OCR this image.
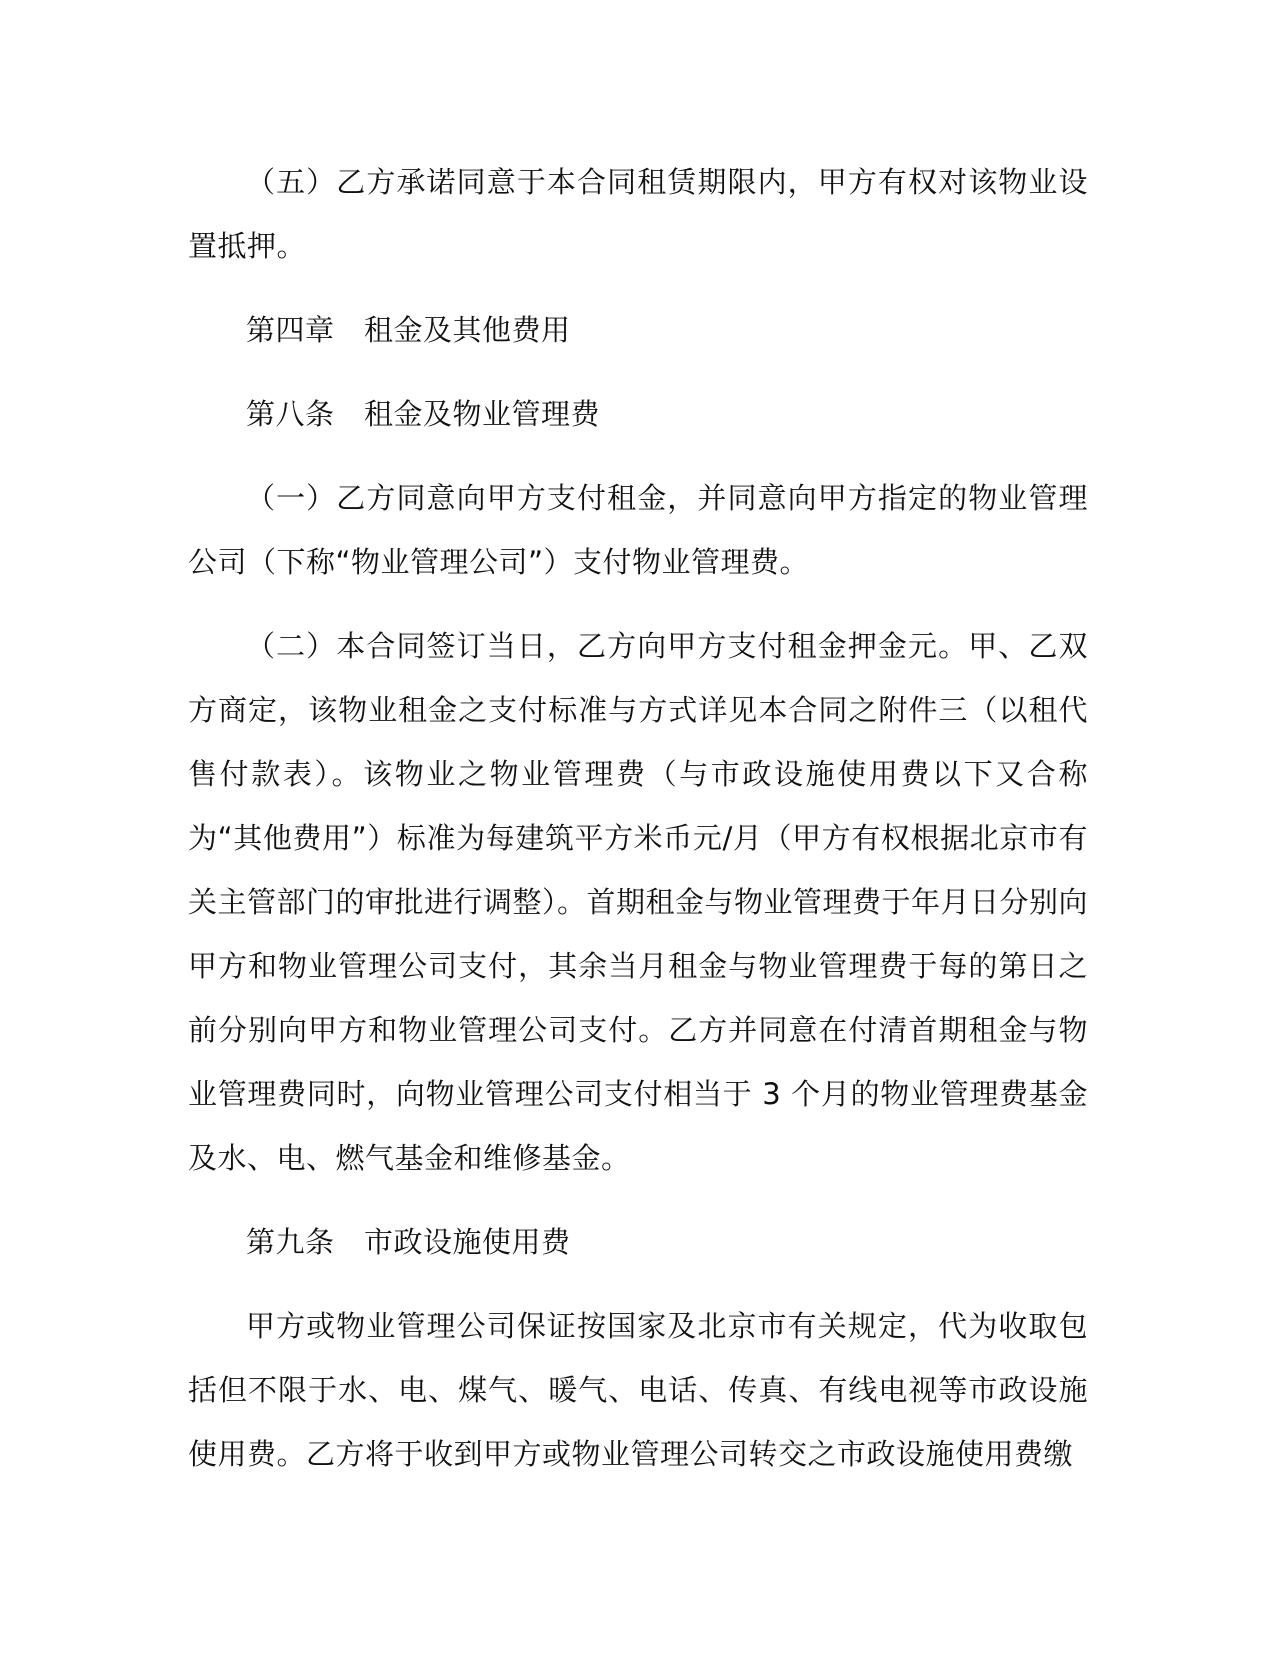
（五）乙方承诺同意于本合同租赁期限内，甲方有权对该物业设置抵押。

第四章　租金及其他费用

第八条　租金及物业管理费

（一）乙方同意向甲方支付租金，并同意向甲方指定的物业管理公司（下称“物业管理公司”）支付物业管理费。

（二）本合同签订当日，乙方向甲方支付租金押金元。甲、乙双方商定，该物业租金之支付标准与方式详见本合同之附件三（以租代售付款表）。该物业之物业管理费（与市政设施使用费以下又合称为“其他费用”）标准为每建筑平方米币元/月（甲方有权根据北京市有关主管部门的审批进行调整）。首期租金与物业管理费于年月日分别向甲方和物业管理公司支付，其余当月租金与物业管理费于每的第日之前分别向甲方和物业管理公司支付。乙方并同意在付清首期租金与物业管理费同时，向物业管理公司支付相当于 3 个月的物业管理费基金及水、电、燃气基金和维修基金。

第九条　市政设施使用费

甲方或物业管理公司保证按国家及北京市有关规定，代为收取包括但不限于水、电、煤气、暖气、电话、传真、有线电视等市政设施使用费。乙方将于收到甲方或物业管理公司转交之市政设施使用费缴
